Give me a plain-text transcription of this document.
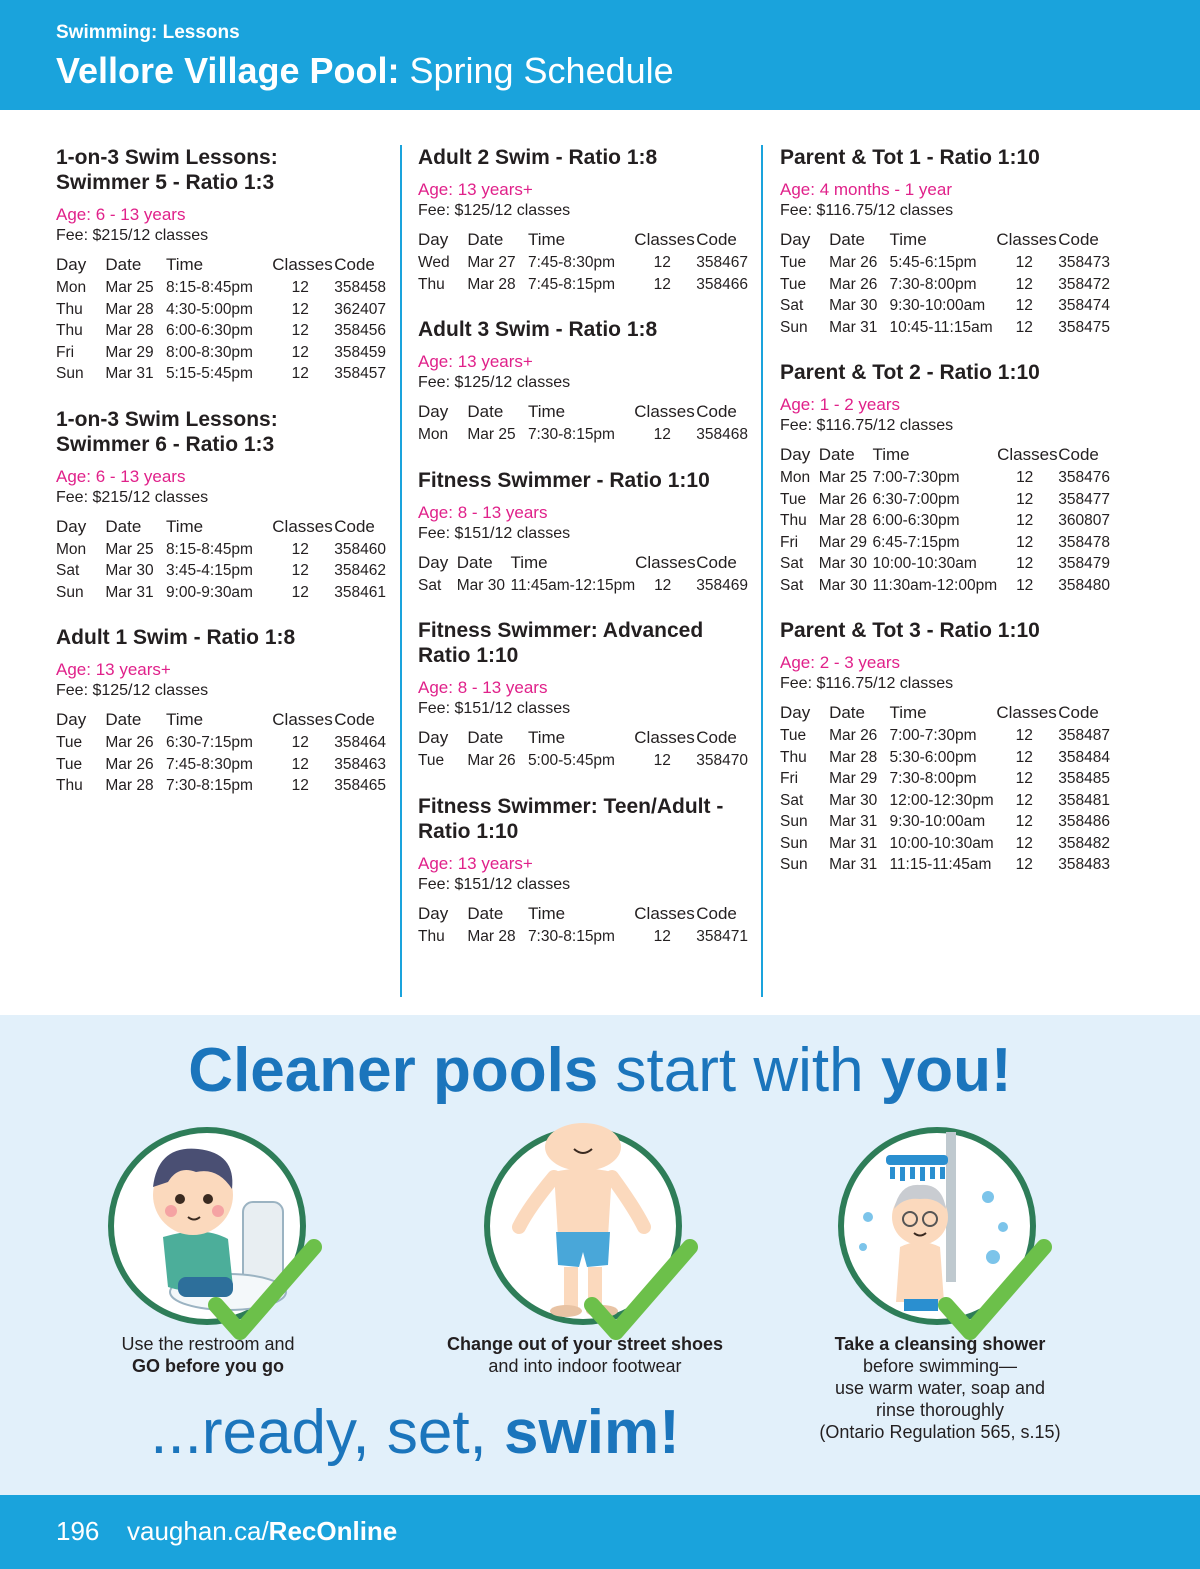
Swimming: Lessons
Vellore Village Pool: Spring Schedule
1-on-3 Swim Lessons:
Swimmer 5 - Ratio 1:3
Age: 6 - 13 years
Fee: $215/12 classes
Day	Date	Time	Classes	Code
Mon	Mar 25	8:15-8:45pm	12	358458
Thu	Mar 28	4:30-5:00pm	12	362407
Thu	Mar 28	6:00-6:30pm	12	358456
Fri	Mar 29	8:00-8:30pm	12	358459
Sun	Mar 31	5:15-5:45pm	12	358457
1-on-3 Swim Lessons:
Swimmer 6 - Ratio 1:3
Age: 6 - 13 years
Fee: $215/12 classes
Day	Date	Time	Classes	Code
Mon	Mar 25	8:15-8:45pm	12	358460
Sat	Mar 30	3:45-4:15pm	12	358462
Sun	Mar 31	9:00-9:30am	12	358461
Adult 1 Swim - Ratio 1:8
Age: 13 years+
Fee: $125/12 classes
Day	Date	Time	Classes	Code
Tue	Mar 26	6:30-7:15pm	12	358464
Tue	Mar 26	7:45-8:30pm	12	358463
Thu	Mar 28	7:30-8:15pm	12	358465
Adult 2 Swim - Ratio 1:8
Age: 13 years+
Fee: $125/12 classes
Day	Date	Time	Classes	Code
Wed	Mar 27	7:45-8:30pm	12	358467
Thu	Mar 28	7:45-8:15pm	12	358466
Adult 3 Swim - Ratio 1:8
Age: 13 years+
Fee: $125/12 classes
Day	Date	Time	Classes	Code
Mon	Mar 25	7:30-8:15pm	12	358468
Fitness Swimmer - Ratio 1:10
Age: 8 - 13 years
Fee: $151/12 classes
Day	Date	Time	Classes	Code
Sat	Mar 30	11:45am-12:15pm	12	358469
Fitness Swimmer: Advanced
Ratio 1:10
Age: 8 - 13 years
Fee: $151/12 classes
Day	Date	Time	Classes	Code
Tue	Mar 26	5:00-5:45pm	12	358470
Fitness Swimmer: Teen/Adult -
Ratio 1:10
Age: 13 years+
Fee: $151/12 classes
Day	Date	Time	Classes	Code
Thu	Mar 28	7:30-8:15pm	12	358471
Parent & Tot 1 - Ratio 1:10
Age: 4 months - 1 year
Fee: $116.75/12 classes
Day	Date	Time	Classes	Code
Tue	Mar 26	5:45-6:15pm	12	358473
Tue	Mar 26	7:30-8:00pm	12	358472
Sat	Mar 30	9:30-10:00am	12	358474
Sun	Mar 31	10:45-11:15am	12	358475
Parent & Tot 2 - Ratio 1:10
Age: 1 - 2 years
Fee: $116.75/12 classes
Day	Date	Time	Classes	Code
Mon	Mar 25	7:00-7:30pm	12	358476
Tue	Mar 26	6:30-7:00pm	12	358477
Thu	Mar 28	6:00-6:30pm	12	360807
Fri	Mar 29	6:45-7:15pm	12	358478
Sat	Mar 30	10:00-10:30am	12	358479
Sat	Mar 30	11:30am-12:00pm	12	358480
Parent & Tot 3 - Ratio 1:10
Age: 2 - 3 years
Fee: $116.75/12 classes
Day	Date	Time	Classes	Code
Tue	Mar 26	7:00-7:30pm	12	358487
Thu	Mar 28	5:30-6:00pm	12	358484
Fri	Mar 29	7:30-8:00pm	12	358485
Sat	Mar 30	12:00-12:30pm	12	358481
Sun	Mar 31	9:30-10:00am	12	358486
Sun	Mar 31	10:00-10:30am	12	358482
Sun	Mar 31	11:15-11:45am	12	358483
Cleaner pools start with you!
Use the restroom and
GO before you go
Change out of your street shoes
and into indoor footwear
Take a cleansing shower
before swimming—
use warm water, soap and
rinse thoroughly
(Ontario Regulation 565, s.15)
...ready, set, swim!
196 vaughan.ca/RecOnline
